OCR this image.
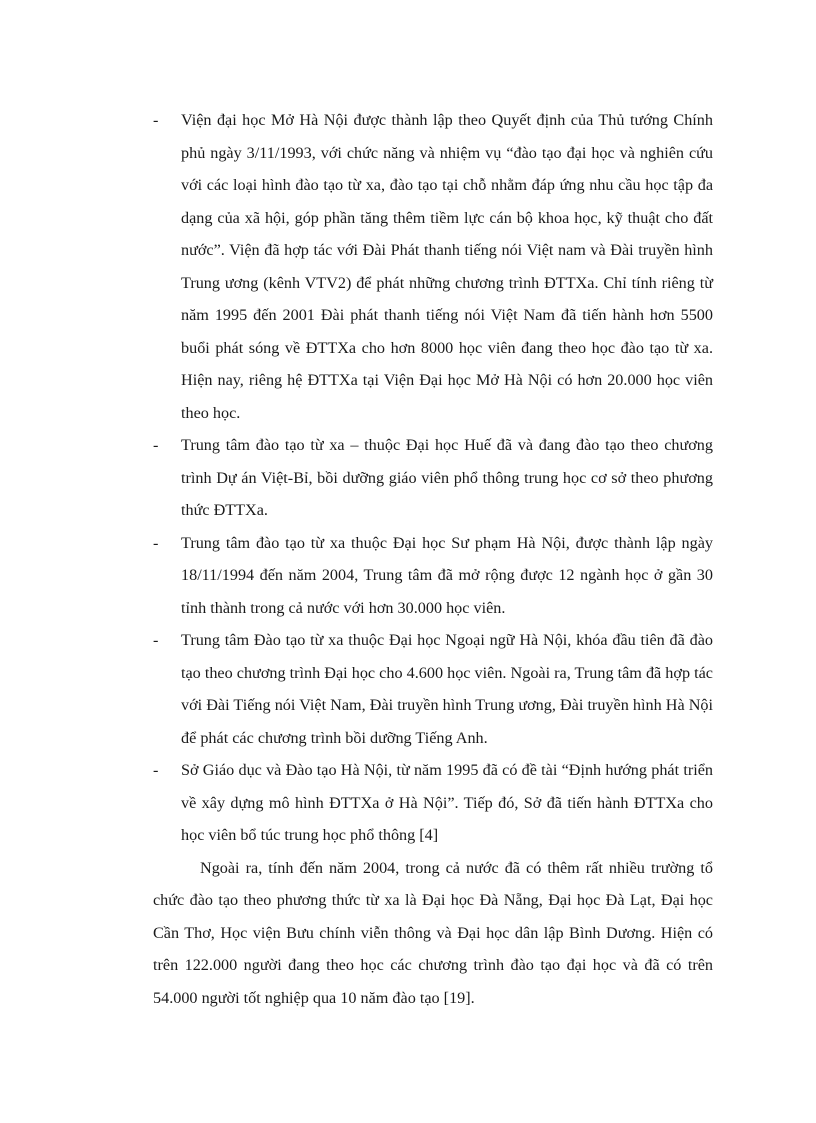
-	Viện đại học Mở Hà Nội được thành lập theo Quyết định của Thủ tướng Chính phủ ngày 3/11/1993, với chức năng và nhiệm vụ “đào tạo đại học và nghiên cứu với các loại hình đào tạo từ xa, đào tạo tại chỗ nhằm đáp ứng nhu cầu học tập đa dạng của xã hội, góp phần tăng thêm tiềm lực cán bộ khoa học, kỹ thuật cho đất nước”. Viện đã hợp tác với Đài Phát thanh tiếng nói Việt nam và Đài truyền hình Trung ương (kênh VTV2) để phát những chương trình ĐTTXa. Chỉ tính riêng từ năm 1995 đến 2001 Đài phát thanh tiếng nói Việt Nam đã tiến hành hơn 5500 buổi phát sóng về ĐTTXa cho hơn 8000 học viên đang theo học đào tạo từ xa. Hiện nay, riêng hệ ĐTTXa tại Viện Đại học Mở Hà Nội có hơn 20.000 học viên theo học.

-	Trung tâm đào tạo từ xa – thuộc Đại học Huế đã và đang đào tạo theo chương trình Dự án Việt-Bỉ, bồi dưỡng giáo viên phổ thông trung học cơ sở theo phương thức ĐTTXa.

-	Trung tâm đào tạo từ xa thuộc Đại học Sư phạm Hà Nội, được thành lập ngày 18/11/1994 đến năm 2004, Trung tâm đã mở rộng được 12 ngành học ở gần 30 tỉnh thành trong cả nước với hơn 30.000 học viên.

-	Trung tâm Đào tạo từ xa thuộc Đại học Ngoại ngữ Hà Nội, khóa đầu tiên đã đào tạo theo chương trình Đại học cho 4.600 học viên. Ngoài ra, Trung tâm đã hợp tác với Đài Tiếng nói Việt Nam, Đài truyền hình Trung ương, Đài truyền hình Hà Nội để phát các chương trình bồi dưỡng Tiếng Anh.

-	Sở Giáo dục và Đào tạo Hà Nội, từ năm 1995 đã có đề tài “Định hướng phát triển về xây dựng mô hình ĐTTXa ở Hà Nội”. Tiếp đó, Sở đã tiến hành ĐTTXa cho học viên bổ túc trung học phổ thông [4]

Ngoài ra, tính đến năm 2004, trong cả nước đã có thêm rất nhiều trường tổ chức đào tạo theo phương thức từ xa là Đại học Đà Nẵng, Đại học Đà Lạt, Đại học Cần Thơ, Học viện Bưu chính viễn thông và Đại học dân lập Bình Dương. Hiện có trên 122.000 người đang theo học các chương trình đào tạo đại học và đã có trên 54.000 người tốt nghiệp qua 10 năm đào tạo [19].
